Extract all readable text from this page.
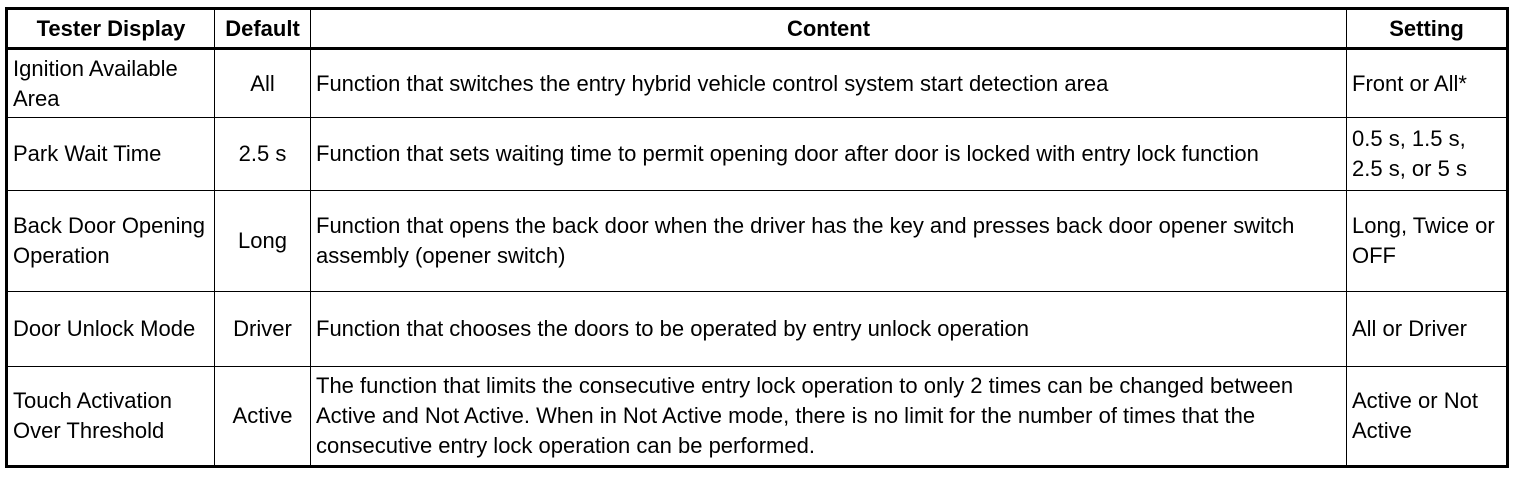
Tester Display	Default	Content	Setting
Ignition Available Area	All	Function that switches the entry hybrid vehicle control system start detection area	Front or All*
Park Wait Time	2.5 s	Function that sets waiting time to permit opening door after door is locked with entry lock function	0.5 s, 1.5 s, 2.5 s, or 5 s
Back Door Opening Operation	Long	Function that opens the back door when the driver has the key and presses back door opener switch assembly (opener switch)	Long, Twice or OFF
Door Unlock Mode	Driver	Function that chooses the doors to be operated by entry unlock operation	All or Driver
Touch Activation Over Threshold	Active	The function that limits the consecutive entry lock operation to only 2 times can be changed between Active and Not Active. When in Not Active mode, there is no limit for the number of times that the consecutive entry lock operation can be performed.	Active or Not Active
